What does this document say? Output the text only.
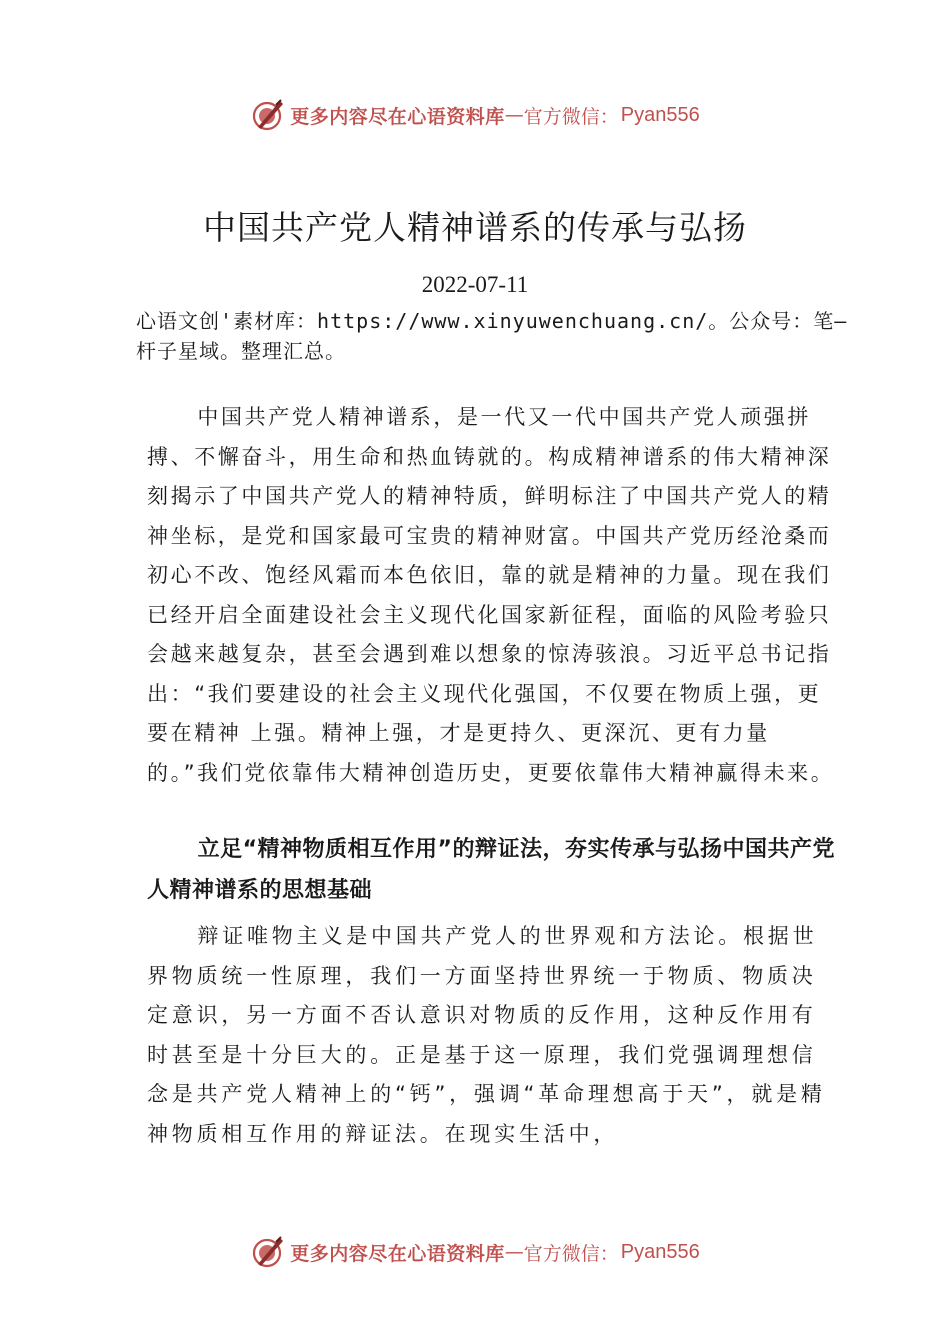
更多内容尽在心语资料库 — 官方微信： Pyan556
中国共产党人精神谱系的传承与弘扬
2022-07-11

心语文创'素材库：https://www.xinyuwenchuang.cn/。公众号：笔—杆子星域。整理汇总。

中国共产党人精神谱系，是一代又一代中国共产党人顽强拼搏、不懈奋斗，用生命和热血铸就的。构成精神谱系的伟大精神深刻揭示了中国共产党人的精神特质，鲜明标注了中国共产党人的精神坐标，是党和国家最可宝贵的精神财富。中国共产党历经沧桑而初心不改、饱经风霜而本色依旧，靠的就是精神的力量。现在我们已经开启全面建设社会主义现代化国家新征程，面临的风险考验只会越来越复杂，甚至会遇到难以想象的惊涛骇浪。习近平总书记指出：“我们要建设的社会主义现代化强国，不仅要在物质上强，更要在精神 上强。精神上强，才是更持久、更深沉、更有力量的。”我们党依靠伟大精神创造历史，更要依靠伟大精神赢得未来。

立足“精神物质相互作用”的辩证法，夯实传承与弘扬中国共产党人精神谱系的思想基础

辩证唯物主义是中国共产党人的世界观和方法论。根据世界物质统一性原理，我们一方面坚持世界统一于物质、物质决定意识，另一方面不否认意识对物质的反作用，这种反作用有时甚至是十分巨大的。正是基于这一原理，我们党强调理想信念是共产党人精神上的“钙”，强调“革命理想高于天”，就是精神物质相互作用的辩证法。在现实生活中，

更多内容尽在心语资料库 — 官方微信： Pyan556
